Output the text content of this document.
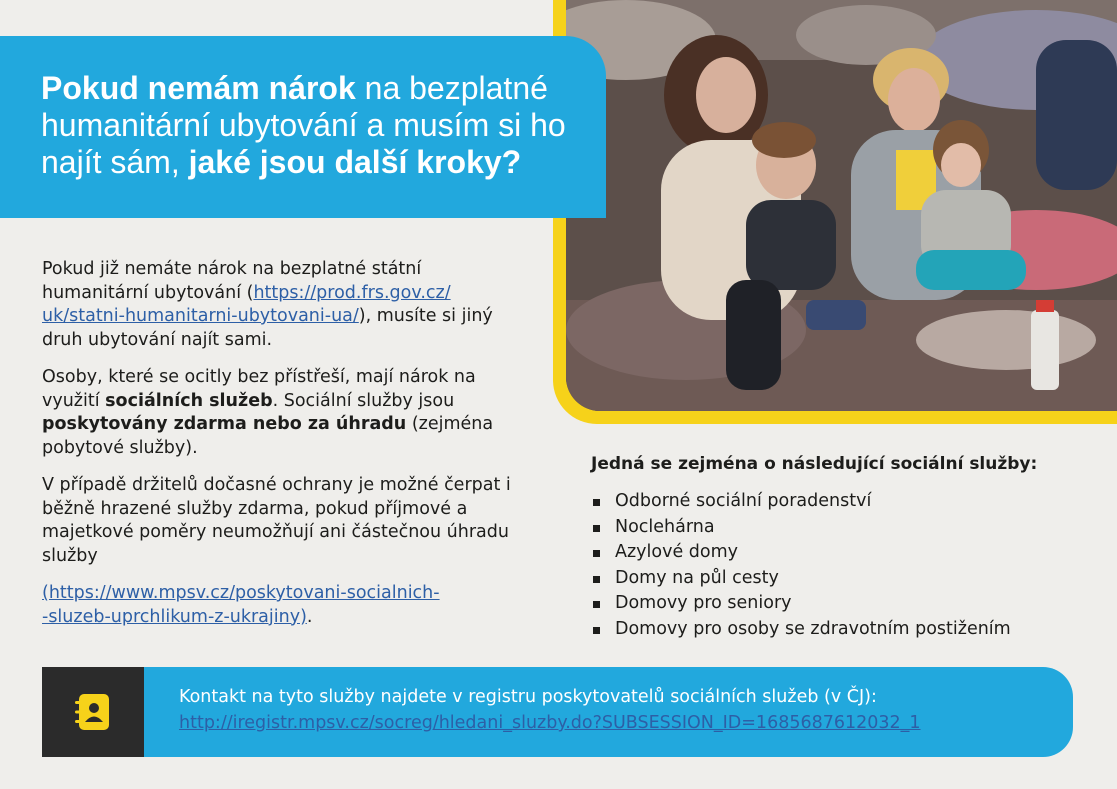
Pokud nemám nárok na bezplatné humanitární ubytování a musím si ho najít sám, jaké jsou další kroky?

Pokud již nemáte nárok na bezplatné státní humanitární ubytování (https://prod.frs.gov.cz/
uk/statni-humanitarni-ubytovani-ua/), musíte si jiný druh ubytování najít sami.

Osoby, které se ocitly bez přístřeší, mají nárok na využití sociálních služeb. Sociální služby jsou poskytovány zdarma nebo za úhradu (zejména pobytové služby).

V případě držitelů dočasné ochrany je možné čerpat i běžně hrazené služby zdarma, pokud příjmové a majetkové poměry neumožňují ani částečnou úhradu služby

(https://www.mpsv.cz/poskytovani-socialnich-
-sluzeb-uprchlikum-z-ukrajiny).

Jedná se zejména o následující sociální služby:
Odborné sociální poradenství
Noclehárna
Azylové domy
Domy na půl cesty
Domovy pro seniory
Domovy pro osoby se zdravotním postižením
Kontakt na tyto služby najdete v registru poskytovatelů sociálních služeb (v ČJ):
http://iregistr.mpsv.cz/socreg/hledani_sluzby.do?SUBSESSION_ID=1685687612032_1
